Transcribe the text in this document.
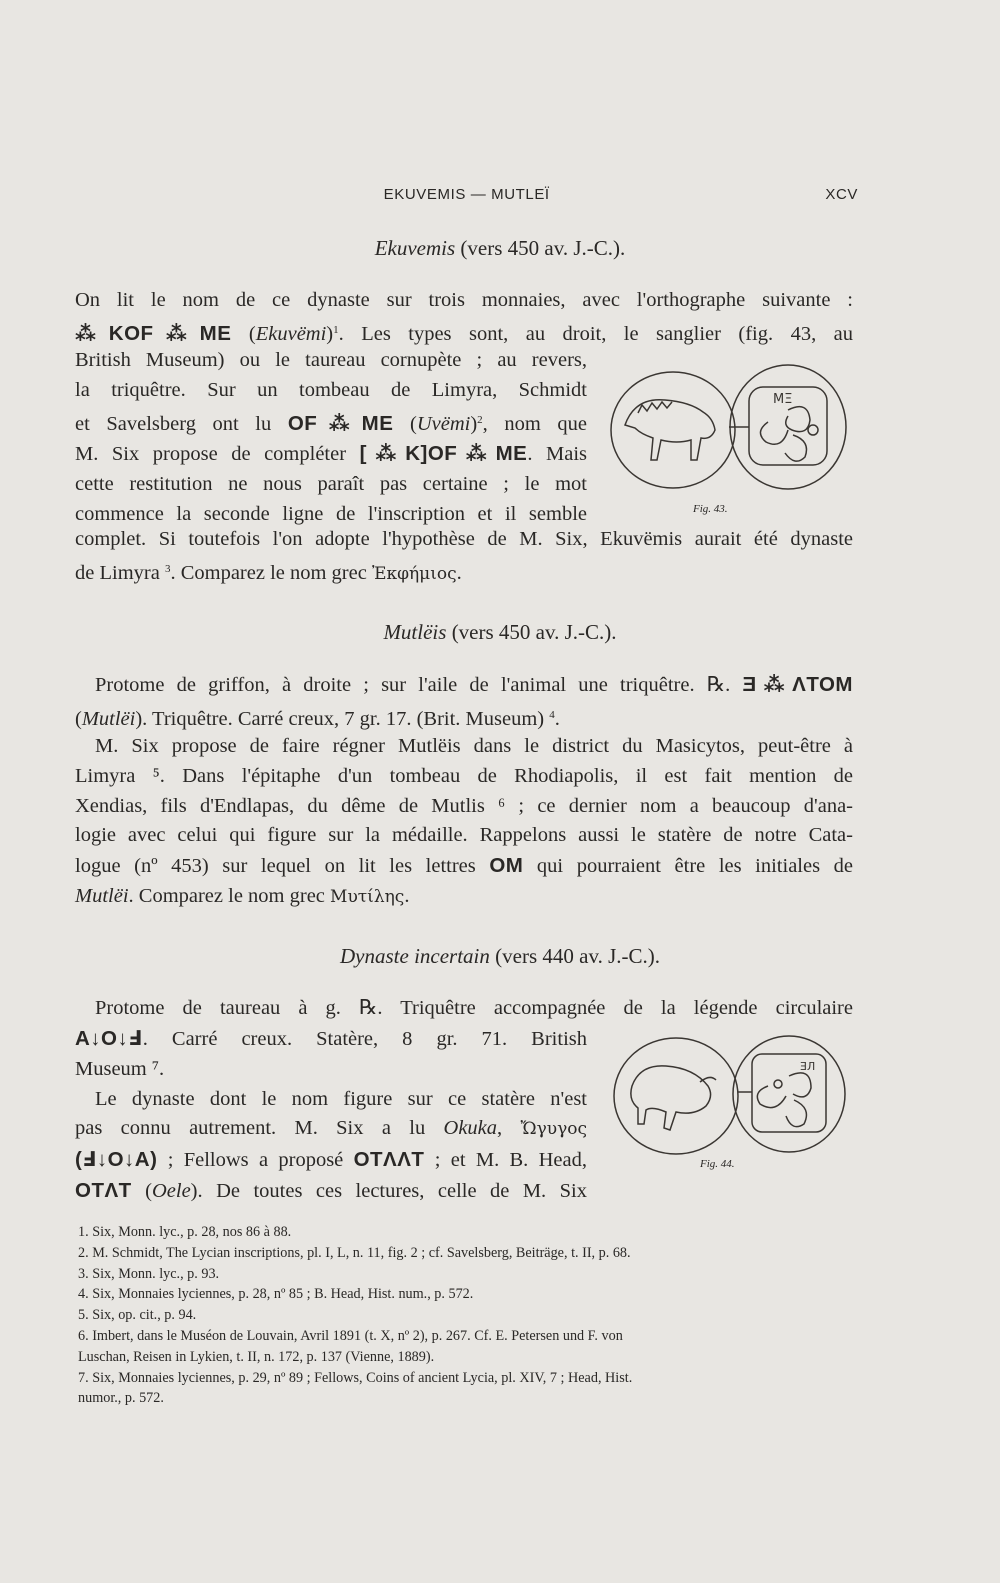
EKUVEMIS — MUTLEÏ	XCV
Ekuvemis (vers 450 av. J.-C.).
On lit le nom de ce dynaste sur trois monnaies, avec l'orthographe suivante :
⁂KOF⁂ME (Ekuvëmi)$^1$. Les types sont, au droit, le sanglier (fig. 43, au
British Museum) ou le taureau cornupète ; au revers,
la triquêtre. Sur un tombeau de Limyra, Schmidt
et Savelsberg ont lu OF⁂ME (Uvëmi)$^2$, nom que
M. Six propose de compléter [⁂K]OF⁂ME. Mais
cette restitution ne nous paraît pas certaine ; le mot
commence la seconde ligne de l'inscription et il semble
complet. Si toutefois l'on adopte l'hypothèse de M. Six, Ekuvëmis aurait été dynaste
de Limyra $^3$. Comparez le nom grec Ἐκφήμιος.
ΜΞ
Fig. 43.
Mutlëis (vers 450 av. J.-C.).
Protome de griffon, à droite ; sur l'aile de l'animal une triquêtre. ℞. Ǝ⁂ΛTOM
(Mutlëi). Triquêtre. Carré creux, 7 gr. 17. (Brit. Museum) $^4$.
M. Six propose de faire régner Mutlëis dans le district du Masicytos, peut-être à
Limyra ⁵. Dans l'épitaphe d'un tombeau de Rhodiapolis, il est fait mention de
Xendias, fils d'Endlapas, du dême de Mutlis ⁶ ; ce dernier nom a beaucoup d'ana-
logie avec celui qui figure sur la médaille. Rappelons aussi le statère de notre Cata-
logue (nº 453) sur lequel on lit les lettres OM qui pourraient être les initiales de
Mutlëi. Comparez le nom grec Μυτίλης.
Dynaste incertain (vers 440 av. J.-C.).
Protome de taureau à g. ℞. Triquêtre accompagnée de la légende circulaire
A↓O↓Ⅎ. Carré creux. Statère, 8 gr. 71. British
Museum ⁷.
Le dynaste dont le nom figure sur ce statère n'est
pas connu autrement. M. Six a lu Okuka, Ὤγυγος
(Ⅎ↓O↓A) ; Fellows a proposé OTΛΛT ; et M. B. Head,
OTΛT (Oele). De toutes ces lectures, celle de M. Six
ƎЛ
Fig. 44.
1. Six, Monn. lyc., p. 28, nos 86 à 88.
2. M. Schmidt, The Lycian inscriptions, pl. I, L, n. 11, fig. 2 ; cf. Savelsberg, Beiträge, t. II, p. 68.
3. Six, Monn. lyc., p. 93.
4. Six, Monnaies lyciennes, p. 28, nº 85 ; B. Head, Hist. num., p. 572.
5. Six, op. cit., p. 94.
6. Imbert, dans le Muséon de Louvain, Avril 1891 (t. X, nº 2), p. 267. Cf. E. Petersen und F. von
Luschan, Reisen in Lykien, t. II, n. 172, p. 137 (Vienne, 1889).
7. Six, Monnaies lyciennes, p. 29, nº 89 ; Fellows, Coins of ancient Lycia, pl. XIV, 7 ; Head, Hist.
numor., p. 572.
